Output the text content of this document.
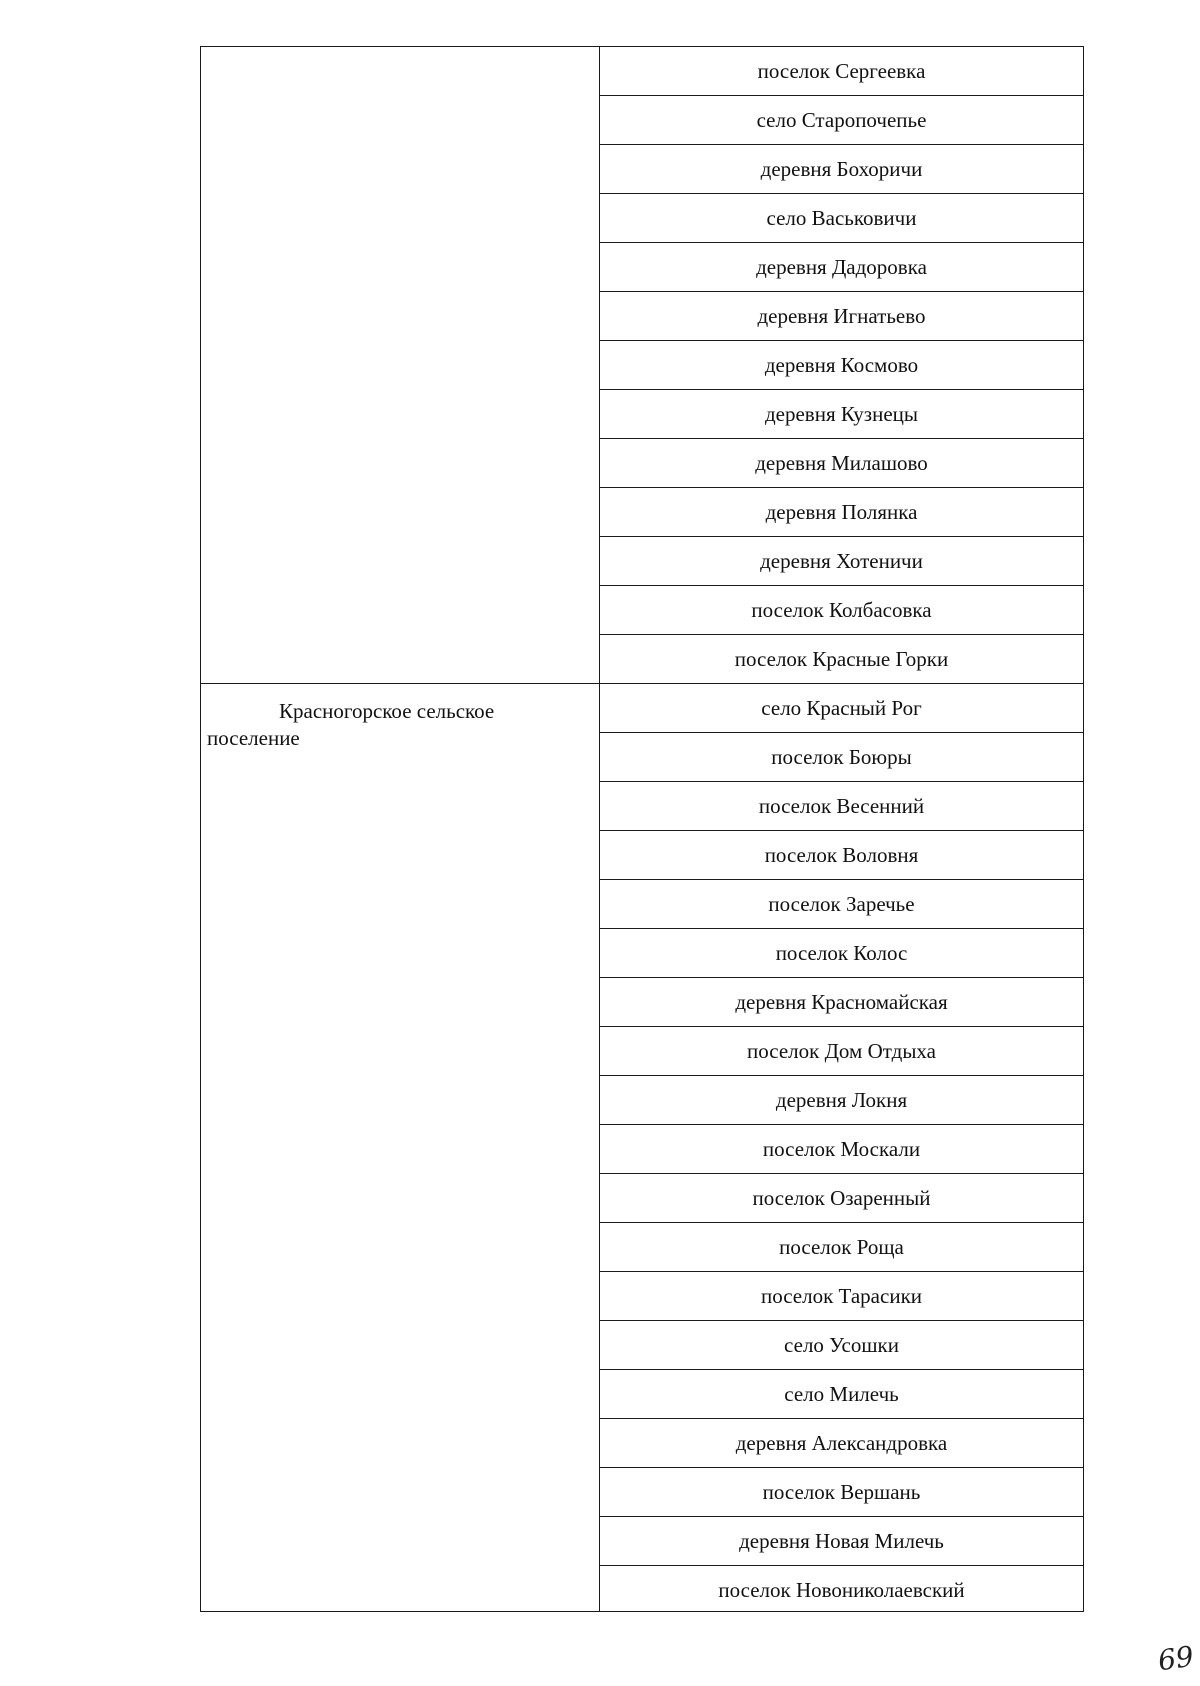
поселок Сергеевка
село Старопочепье
деревня Бохоричи
село Васьковичи
деревня Дадоровка
деревня Игнатьево
деревня Космово
деревня Кузнецы
деревня Милашово
деревня Полянка
деревня Хотеничи
поселок Колбасовка
поселок Красные Горки
Красногорское сельское поселение
село Красный Рог
поселок Боюры
поселок Весенний
поселок Воловня
поселок Заречье
поселок Колос
деревня Красномайская
поселок Дом Отдыха
деревня Локня
поселок Москали
поселок Озаренный
поселок Роща
поселок Тарасики
село Усошки
село Милечь
деревня Александровка
поселок Вершань
деревня Новая Милечь
поселок Новониколаевский
69
